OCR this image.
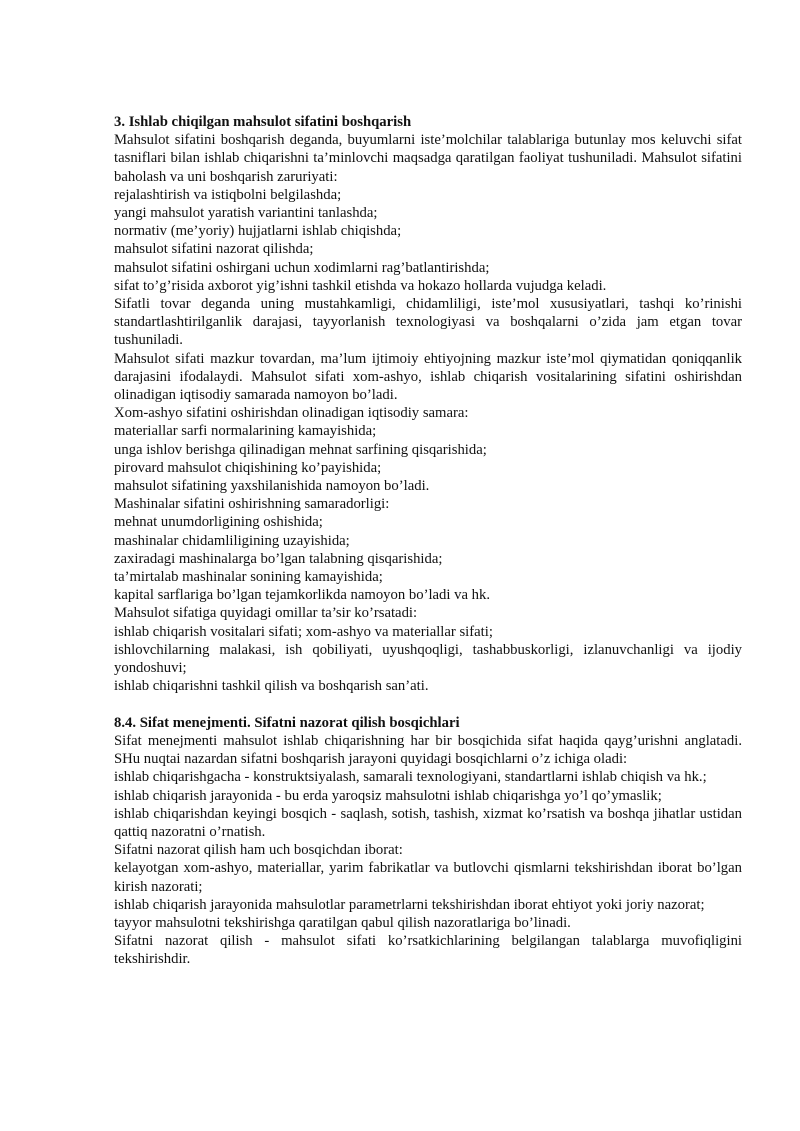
3. Ishlab chiqilgan mahsulot sifatini boshqarish

Mahsulot sifatini boshqarish deganda, buyumlarni iste’molchilar talablariga butunlay mos keluvchi sifat tasniflari bilan ishlab chiqarishni ta’minlovchi maqsadga qaratilgan faoliyat tushuniladi. Mahsulot sifatini baholash va uni boshqarish zaruriyati:

rejalashtirish va istiqbolni belgilashda;

yangi mahsulot yaratish variantini tanlashda;

normativ (me’yoriy) hujjatlarni ishlab chiqishda;

mahsulot sifatini nazorat qilishda;

mahsulot sifatini oshirgani uchun xodimlarni rag’batlantirishda;

sifat to’g’risida axborot yig’ishni tashkil etishda va hokazo hollarda vujudga keladi.

Sifatli tovar deganda uning mustahkamligi, chidamliligi, iste’mol xususiyatlari, tashqi ko’rinishi standartlashtirilganlik darajasi, tayyorlanish texnologiyasi va boshqalarni o’zida jam etgan tovar tushuniladi.

Mahsulot sifati mazkur tovardan, ma’lum ijtimoiy ehtiyojning mazkur iste’mol qiymatidan qoniqqanlik darajasini ifodalaydi. Mahsulot sifati xom-ashyo, ishlab chiqarish vositalarining sifatini oshirishdan olinadigan iqtisodiy samarada namoyon bo’ladi.

Xom-ashyo sifatini oshirishdan olinadigan iqtisodiy samara:

materiallar sarfi normalarining kamayishida;

unga ishlov berishga qilinadigan mehnat sarfining qisqarishida;

pirovard mahsulot chiqishining ko’payishida;

mahsulot sifatining yaxshilanishida namoyon bo’ladi.

Mashinalar sifatini oshirishning samaradorligi:

mehnat unumdorligining oshishida;

mashinalar chidamliligining uzayishida;

zaxiradagi mashinalarga bo’lgan talabning qisqarishida;

ta’mirtalab mashinalar sonining kamayishida;

kapital sarflariga bo’lgan tejamkorlikda namoyon bo’ladi va hk.

Mahsulot sifatiga quyidagi omillar ta’sir ko’rsatadi:

ishlab chiqarish vositalari sifati; xom-ashyo va materiallar sifati;

ishlovchilarning malakasi, ish qobiliyati, uyushqoqligi, tashabbuskorligi, izlanuvchanligi va ijodiy yondoshuvi;

ishlab chiqarishni tashkil qilish va boshqarish san’ati.

8.4. Sifat menejmenti. Sifatni nazorat qilish bosqichlari

Sifat menejmenti mahsulot ishlab chiqarishning har bir bosqichida sifat haqida qayg’urishni anglatadi. SHu nuqtai nazardan sifatni boshqarish jarayoni quyidagi bosqichlarni o’z ichiga oladi:

ishlab chiqarishgacha - konstruktsiyalash, samarali texnologiyani, standartlarni ishlab chiqish va hk.;

ishlab chiqarish jarayonida - bu erda yaroqsiz mahsulotni ishlab chiqarishga yo’l qo’ymaslik;

ishlab chiqarishdan keyingi bosqich - saqlash, sotish, tashish, xizmat ko’rsatish va boshqa jihatlar ustidan qattiq nazoratni o’rnatish.

Sifatni nazorat qilish ham uch bosqichdan iborat:

kelayotgan xom-ashyo, materiallar, yarim fabrikatlar va butlovchi qismlarni tekshirishdan iborat bo’lgan kirish nazorati;

ishlab chiqarish jarayonida mahsulotlar parametrlarni tekshirishdan iborat ehtiyot yoki joriy nazorat;

tayyor mahsulotni tekshirishga qaratilgan qabul qilish nazoratlariga bo’linadi.

Sifatni nazorat qilish - mahsulot sifati ko’rsatkichlarining belgilangan talablarga muvofiqligini tekshirishdir.
